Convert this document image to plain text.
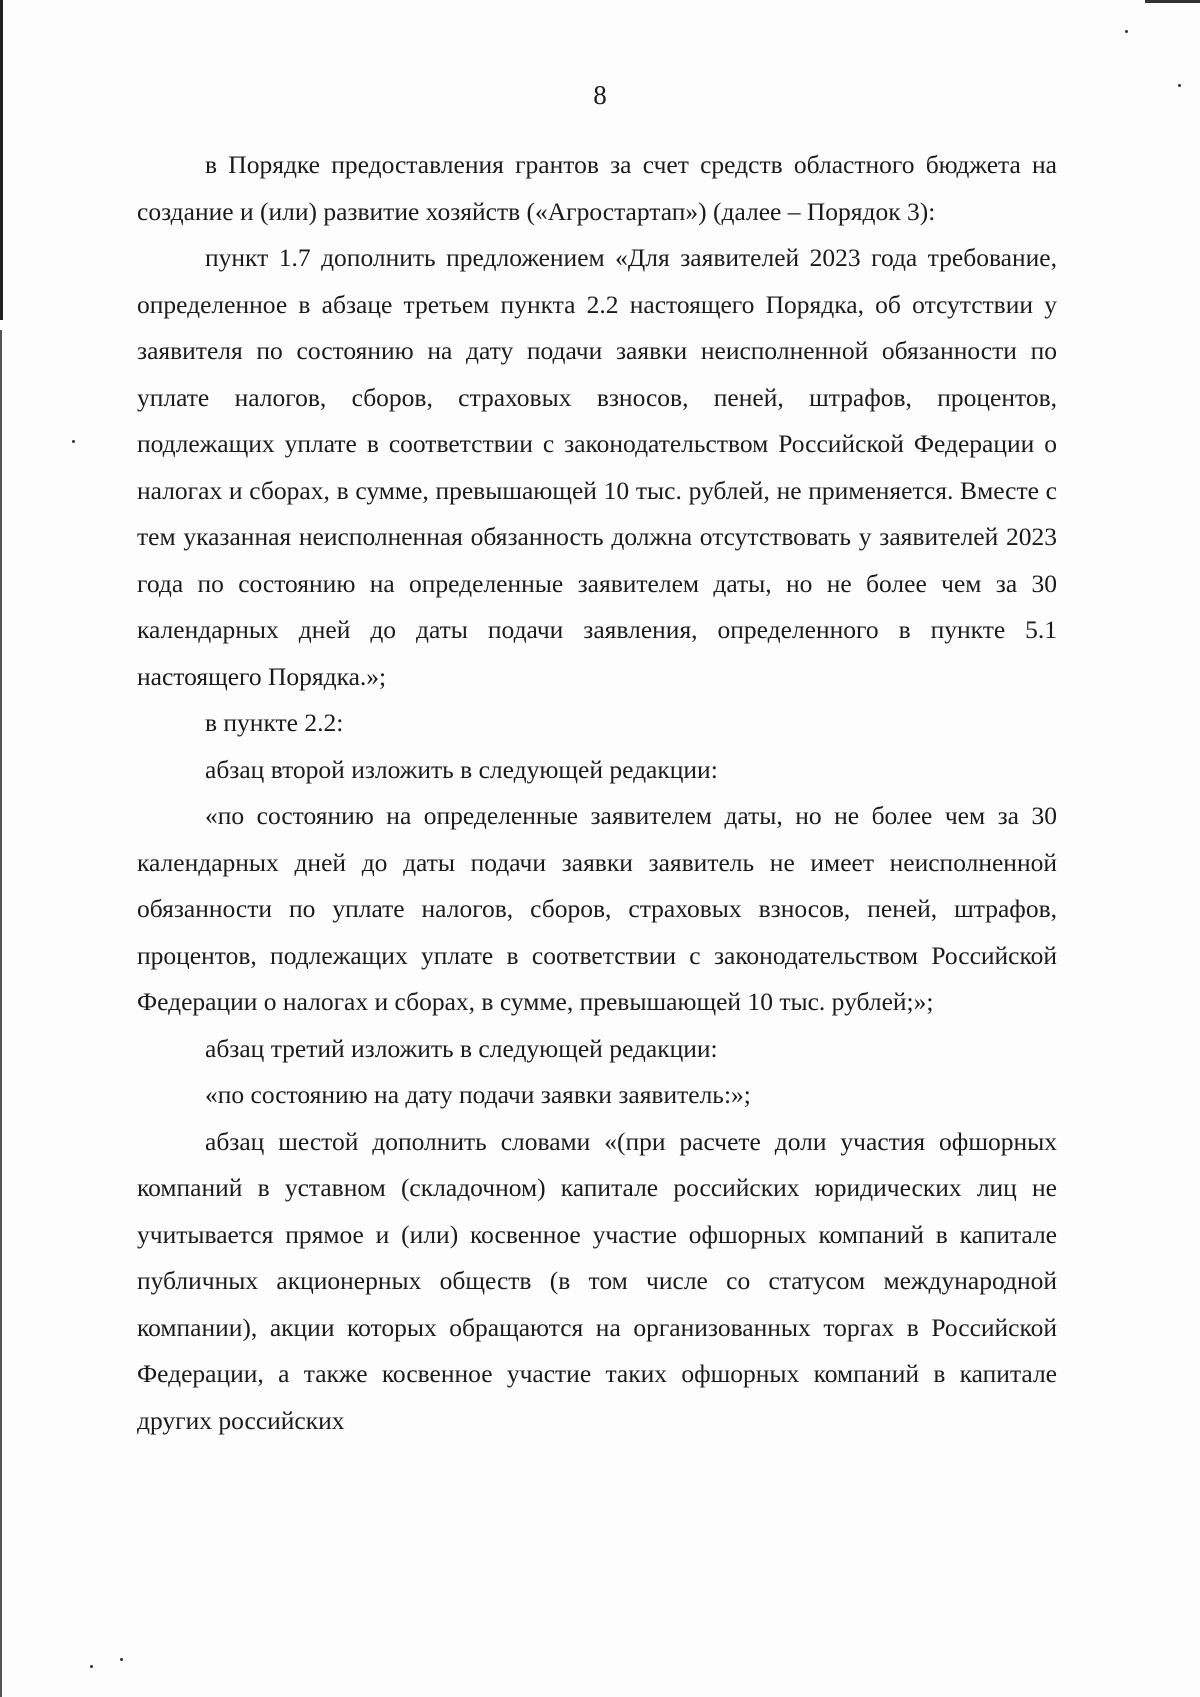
8

в Порядке предоставления грантов за счет средств областного бюджета на создание и (или) развитие хозяйств («Агростартап») (далее – Порядок 3):

пункт 1.7 дополнить предложением «Для заявителей 2023 года требование, определенное в абзаце третьем пункта 2.2 настоящего Порядка, об отсутствии у заявителя по состоянию на дату подачи заявки неисполненной обязанности по уплате налогов, сборов, страховых взносов, пеней, штрафов, процентов, подлежащих уплате в соответствии с законодательством Российской Федерации о налогах и сборах, в сумме, превышающей 10 тыс. рублей, не применяется. Вместе с тем указанная неисполненная обязанность должна отсутствовать у заявителей 2023 года по состоянию на определенные заявителем даты, но не более чем за 30 календарных дней до даты подачи заявления, определенного в пункте 5.1 настоящего Порядка.»;

в пункте 2.2:

абзац второй изложить в следующей редакции:

«по состоянию на определенные заявителем даты, но не более чем за 30 календарных дней до даты подачи заявки заявитель не имеет неисполненной обязанности по уплате налогов, сборов, страховых взносов, пеней, штрафов, процентов, подлежащих уплате в соответствии с законодательством Российской Федерации о налогах и сборах, в сумме, превышающей 10 тыс. рублей;»;

абзац третий изложить в следующей редакции:

«по состоянию на дату подачи заявки заявитель:»;

абзац шестой дополнить словами «(при расчете доли участия офшорных компаний в уставном (складочном) капитале российских юридических лиц не учитывается прямое и (или) косвенное участие офшорных компаний в капитале публичных акционерных обществ (в том числе со статусом международной компании), акции которых обращаются на организованных торгах в Российской Федерации, а также косвенное участие таких офшорных компаний в капитале других российских
